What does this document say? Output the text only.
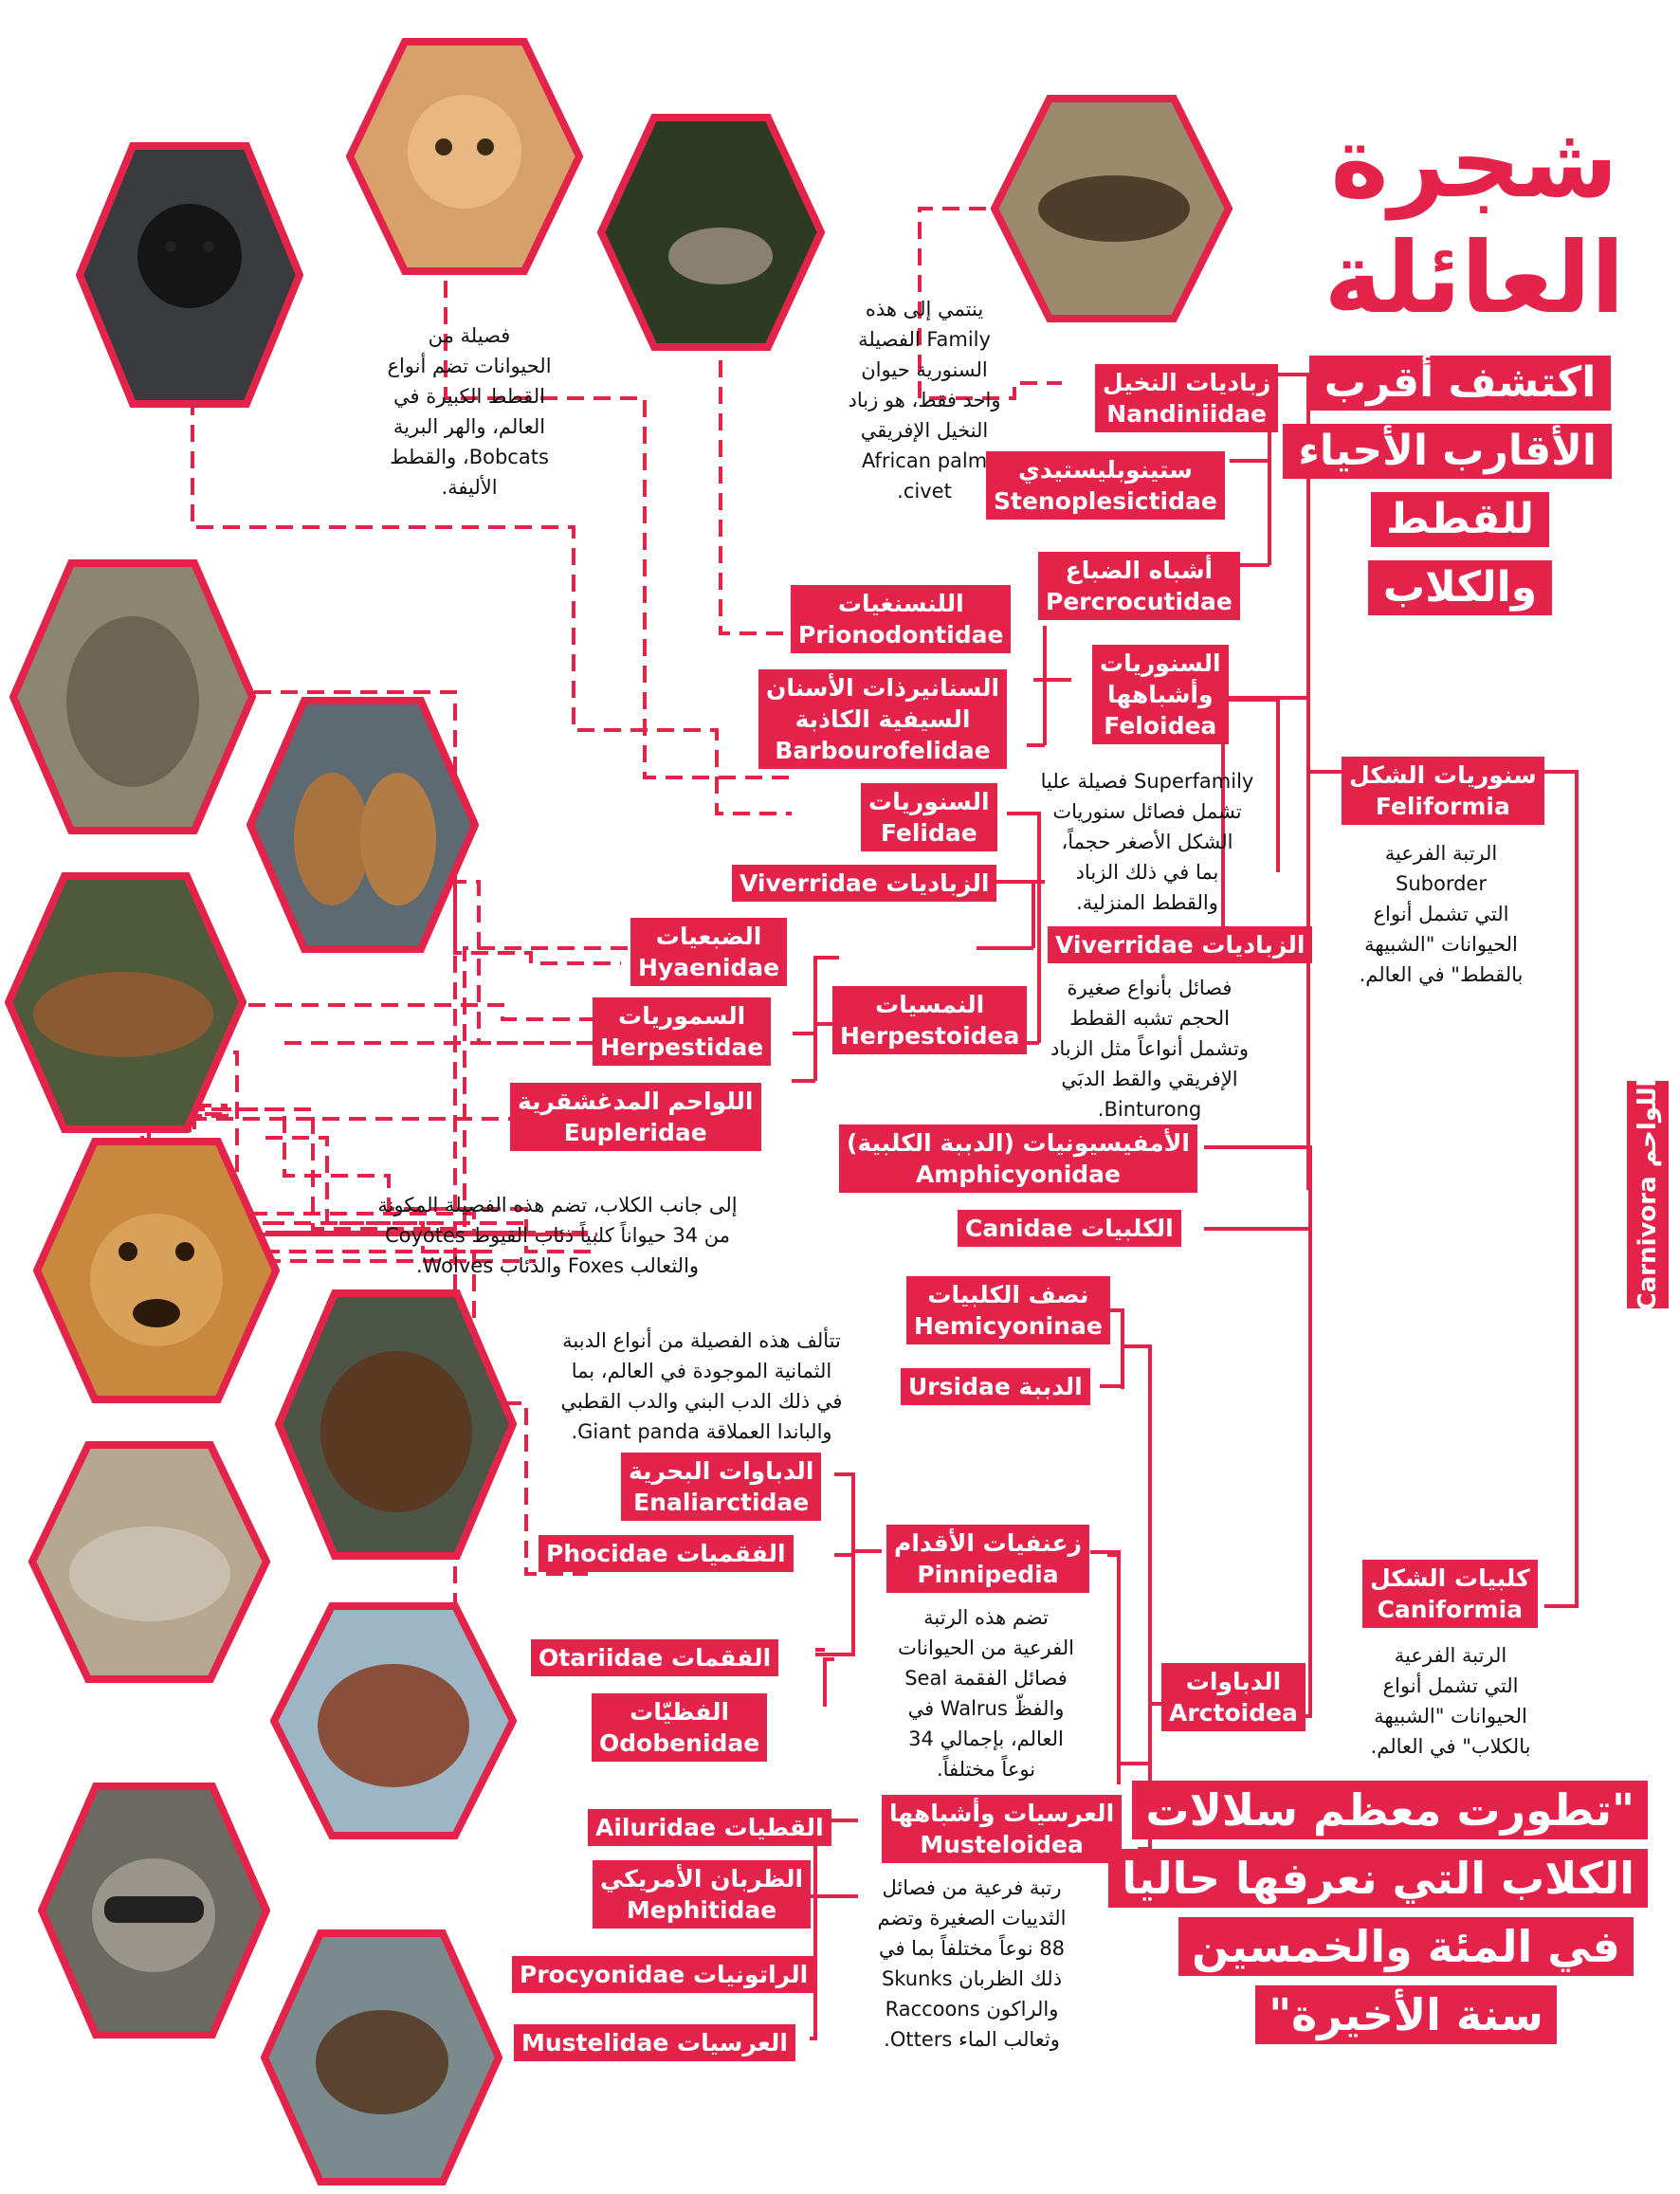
شجرة
العائلة
اكتشف أقرب
الأقارب الأحياء
للقطط
والكلاب
Carnivora اللواحم
سنوريات الشكل
Feliformia
كلبيات الشكل
Caniformia
زباديات النخيل
Nandiniidae
ستينوبليستيدي
Stenoplesictidae
أشباه الضباع
Percrocutidae
السنوريات
وأشباهها
Feloidea
Viverridae الزباديات
اللنسنغيات
Prionodontidae
السنانيرذات الأسنان
السيفية الكاذبة
Barbourofelidae
السنوريات
Felidae
Viverridae الزباديات
الضبعيات
Hyaenidae
السموريات
Herpestidae
اللواحم المدغشقرية
Eupleridae
النمسيات
Herpestoidea
الأمفيسيونيات (الدببة الكلبية)
Amphicyonidae
Canidae الكلبيات
نصف الكلبيات
Hemicyoninae
Ursidae الدببة
الدباوات البحرية
Enaliarctidae
Phocidae الفقميات	زعنفيات الأقدام
Pinnipedia
Otariidae الفقمات
الفظيّات
Odobenidae
الدباوات
Arctoidea
العرسيات وأشباهها
Musteloidea
Ailuridae القطيات
الظربان الأمريكي
Mephitidae
Procyonidae الراتونيات
Mustelidae العرسيات
فصيلة من
الحيوانات تضم أنواع
القطط الكبيرة في
العالم، والهر البرية
Bobcats، والقطط
الأليفة.
ينتمي إلى هذه
Family الفصيلة
السنورية حيوان
واحد فقط، هو زباد
النخيل الإفريقي
African palm
civet.
Superfamily فصيلة عليا
تشمل فصائل سنوريات
الشكل الأصغر حجماً،
بما في ذلك الزباد
والقطط المنزلية.
فصائل بأنواع صغيرة
الحجم تشبه القطط
وتشمل أنواعاً مثل الزباد
الإفريقي والقط الدبَي
Binturong.
الرتبة الفرعية
Suborder
التي تشمل أنواع
الحيوانات "الشبيهة
بالقطط" في العالم.
إلى جانب الكلاب، تضم هذه الفصيلة المكونة
من 34 حيواناً كلبياً ذئاب القيوط Coyotes
والثعالب Foxes والذئاب Wolves.
تتألف هذه الفصيلة من أنواع الدببة
الثمانية الموجودة في العالم، بما
في ذلك الدب البني والدب القطبي
والباندا العملاقة Giant panda.
تضم هذه الرتبة
الفرعية من الحيوانات
فصائل الفقمة Seal
والفظّ Walrus في
العالم، بإجمالي 34
نوعاً مختلفاً.
الرتبة الفرعية
التي تشمل أنواع
الحيوانات "الشبيهة
بالكلاب" في العالم.
رتبة فرعية من فصائل
الثدييات الصغيرة وتضم
88 نوعاً مختلفاً بما في
ذلك الظربان Skunks
والراكون Raccoons
وثعالب الماء Otters.
"تطورت معظم سلالات
الكلاب التي نعرفها حاليا
في المئة والخمسين
سنة الأخيرة"
